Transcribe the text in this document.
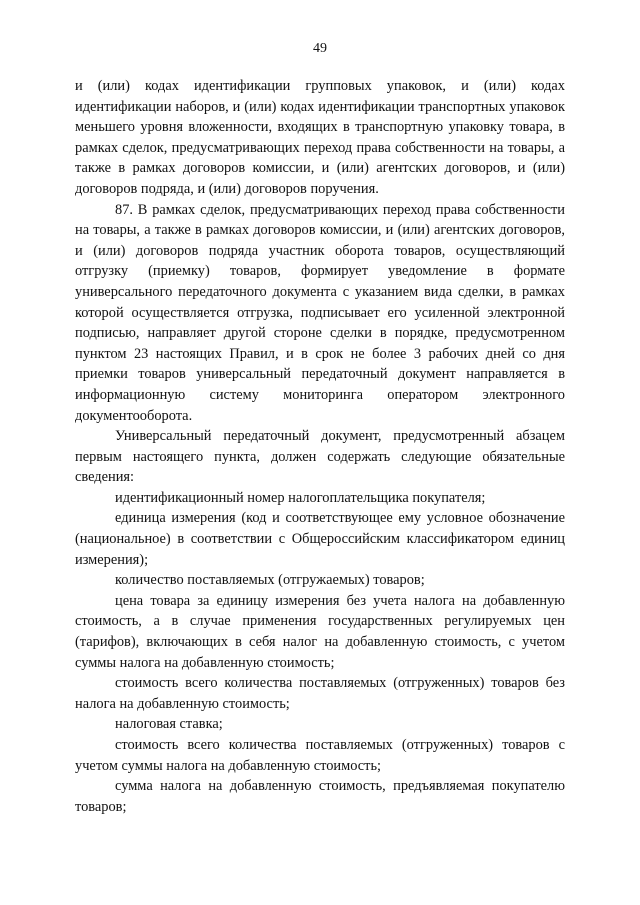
49

и (или) кодах идентификации групповых упаковок, и (или) кодах идентификации наборов, и (или) кодах идентификации транспортных упаковок меньшего уровня вложенности, входящих в транспортную упаковку товара, в рамках сделок, предусматривающих переход права собственности на товары, а также в рамках договоров комиссии, и (или) агентских договоров, и (или) договоров подряда, и (или) договоров поручения.

87. В рамках сделок, предусматривающих переход права собственности на товары, а также в рамках договоров комиссии, и (или) агентских договоров, и (или) договоров подряда участник оборота товаров, осуществляющий отгрузку (приемку) товаров, формирует уведомление в формате универсального передаточного документа с указанием вида сделки, в рамках которой осуществляется отгрузка, подписывает его усиленной электронной подписью, направляет другой стороне сделки в порядке, предусмотренном пунктом 23 настоящих Правил, и в срок не более 3 рабочих дней со дня приемки товаров универсальный передаточный документ направляется в информационную систему мониторинга оператором электронного документооборота.

Универсальный передаточный документ, предусмотренный абзацем первым настоящего пункта, должен содержать следующие обязательные сведения:

идентификационный номер налогоплательщика покупателя;

единица измерения (код и соответствующее ему условное обозначение (национальное) в соответствии с Общероссийским классификатором единиц измерения);

количество поставляемых (отгружаемых) товаров;

цена товара за единицу измерения без учета налога на добавленную стоимость, а в случае применения государственных регулируемых цен (тарифов), включающих в себя налог на добавленную стоимость, с учетом суммы налога на добавленную стоимость;

стоимость всего количества поставляемых (отгруженных) товаров без налога на добавленную стоимость;

налоговая ставка;

стоимость всего количества поставляемых (отгруженных) товаров с учетом суммы налога на добавленную стоимость;

сумма налога на добавленную стоимость, предъявляемая покупателю товаров;
